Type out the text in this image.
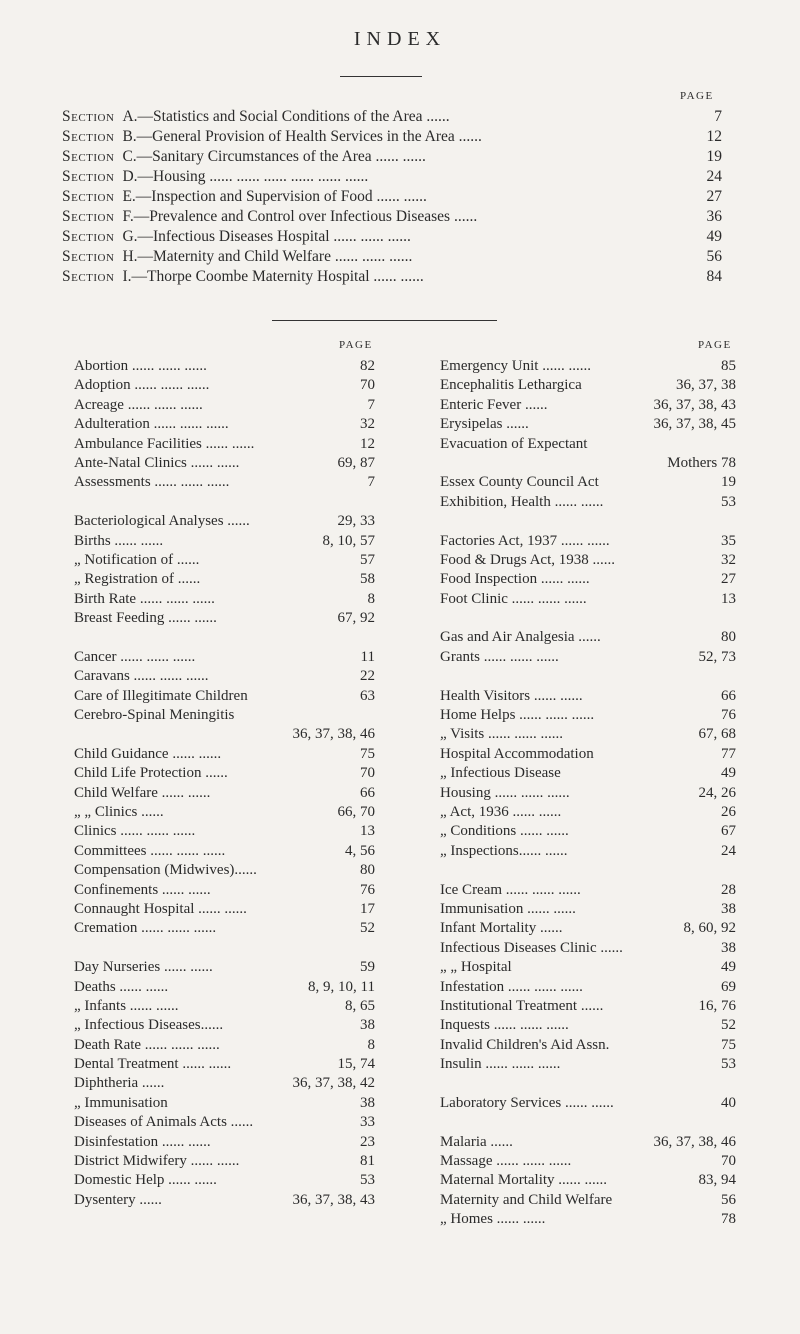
INDEX
PAGE
Section A.—Statistics and Social Conditions of the Area ......	7
Section B.—General Provision of Health Services in the Area ......	12
Section C.—Sanitary Circumstances of the Area ...... ......	19
Section D.—Housing ...... ...... ...... ...... ...... ......	24
Section E.—Inspection and Supervision of Food ...... ......	27
Section F.—Prevalence and Control over Infectious Diseases ......	36
Section G.—Infectious Diseases Hospital ...... ...... ......	49
Section H.—Maternity and Child Welfare ...... ...... ......	56
Section I.—Thorpe Coombe Maternity Hospital ...... ......	84
PAGE	PAGE
Abortion ...... ...... ......	82
Adoption ...... ...... ......	70
Acreage ...... ...... ......	7
Adulteration ...... ...... ......	32
Ambulance Facilities ...... ......	12
Ante-Natal Clinics ...... ......	69, 87
Assessments ...... ...... ......	7
Bacteriological Analyses ......	29, 33
Births ...... ......	8, 10, 57
„ Notification of ......	57
„ Registration of ......	58
Birth Rate ...... ...... ......	8
Breast Feeding ...... ......	67, 92
Cancer ...... ...... ......	11
Caravans ...... ...... ......	22
Care of Illegitimate Children	63
Cerebro-Spinal Meningitis
36, 37, 38, 46
Child Guidance ...... ......	75
Child Life Protection ......	70
Child Welfare ...... ......	66
„ „ Clinics ......	66, 70
Clinics ...... ...... ......	13
Committees ...... ...... ......	4, 56
Compensation (Midwives)......	80
Confinements ...... ......	76
Connaught Hospital ...... ......	17
Cremation ...... ...... ......	52
Day Nurseries ...... ......	59
Deaths ...... ......	8, 9, 10, 11
„ Infants ...... ......	8, 65
„ Infectious Diseases......	38
Death Rate ...... ...... ......	8
Dental Treatment ...... ......	15, 74
Diphtheria ......	36, 37, 38, 42
„ Immunisation	38
Diseases of Animals Acts ......	33
Disinfestation ...... ......	23
District Midwifery ...... ......	81
Domestic Help ...... ......	53
Dysentery ......	36, 37, 38, 43
Emergency Unit ...... ......	85
Encephalitis Lethargica	36, 37, 38
Enteric Fever ......	36, 37, 38, 43
Erysipelas ......	36, 37, 38, 45
Evacuation of Expectant
Mothers 78
Essex County Council Act	19
Exhibition, Health ...... ......	53
Factories Act, 1937 ...... ......	35
Food & Drugs Act, 1938 ......	32
Food Inspection ...... ......	27
Foot Clinic ...... ...... ......	13
Gas and Air Analgesia ......	80
Grants ...... ...... ......	52, 73
Health Visitors ...... ......	66
Home Helps ...... ...... ......	76
„ Visits ...... ...... ......	67, 68
Hospital Accommodation	77
„ Infectious Disease	49
Housing ...... ...... ......	24, 26
„ Act, 1936 ...... ......	26
„ Conditions ...... ......	67
„ Inspections...... ......	24
Ice Cream ...... ...... ......	28
Immunisation ...... ......	38
Infant Mortality ......	8, 60, 92
Infectious Diseases Clinic ......	38
„ „ Hospital	49
Infestation ...... ...... ......	69
Institutional Treatment ......	16, 76
Inquests ...... ...... ......	52
Invalid Children's Aid Assn.	75
Insulin ...... ...... ......	53
Laboratory Services ...... ......	40
Malaria ......	36, 37, 38, 46
Massage ...... ...... ......	70
Maternal Mortality ...... ......	83, 94
Maternity and Child Welfare	56
„ Homes ...... ......	78
